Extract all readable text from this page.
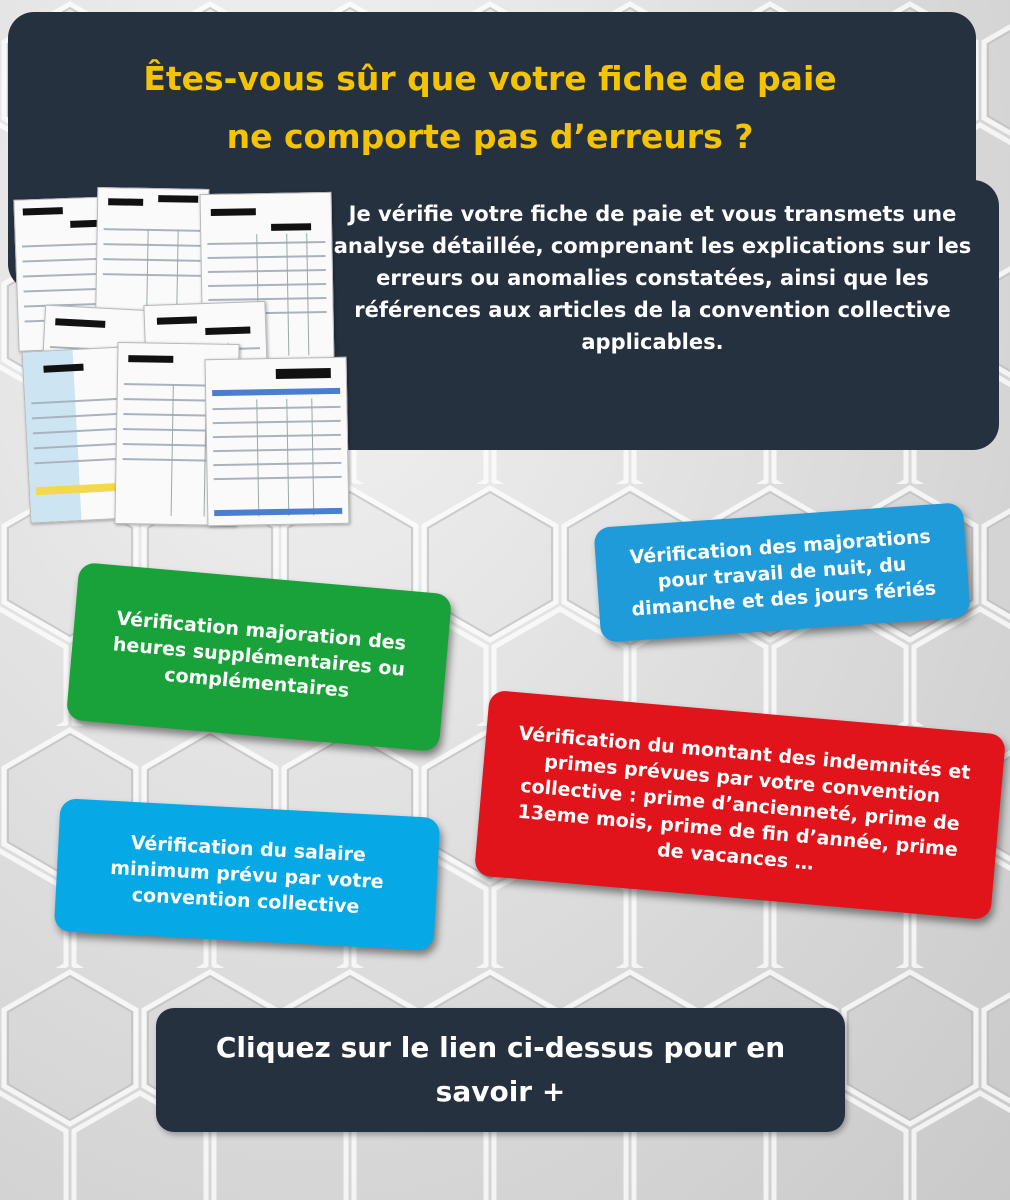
Êtes-vous sûr que votre fiche de paie
ne comporte pas d’erreurs ?
Je vérifie votre fiche de paie et vous transmets une analyse détaillée, comprenant les explications sur les erreurs ou anomalies constatées, ainsi que les références aux articles de la convention collective applicables.
Vérification des majorations pour travail de nuit, du dimanche et des jours fériés
Vérification majoration des heures supplémentaires ou complémentaires
Vérification du montant des indemnités et primes prévues par votre convention collective : prime d’ancienneté, prime de 13eme mois, prime de fin d’année, prime de vacances …
Vérification du salaire minimum prévu par votre convention collective
Cliquez sur le lien ci-dessus pour en savoir +
